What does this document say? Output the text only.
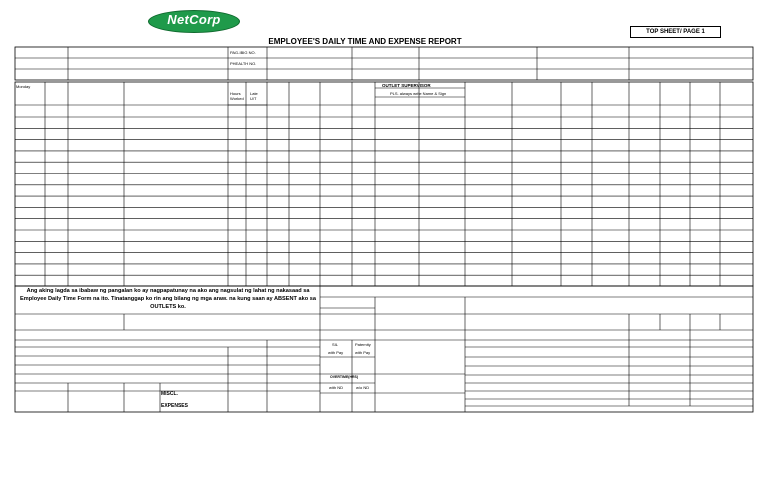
NetCorp
EMPLOYEE'S DAILY TIME AND EXPENSE REPORT
TOP SHEET/ PAGE 1
PAG-IBIG NO.
PHEALTH NO.
Monday
Hours
Worked
Late
U/T
OUTLET SUPERVISOR
PLS. always write Name & Sign
Ang aking lagda sa ibabaw ng pangalan ko ay nagpapatunay na ako ang nagsulat ng lahat ng nakasaad sa Employee Daily Time Form na ito. Tinatanggap ko rin ang bilang ng mga araw. na kung saan ay ABSENT ako sa OUTLETS ko.
SIL
with Pay
Paternity
with Pay
OVERTIME(HRS)
with ND	w/o ND
MISCL.
EXPENSES
